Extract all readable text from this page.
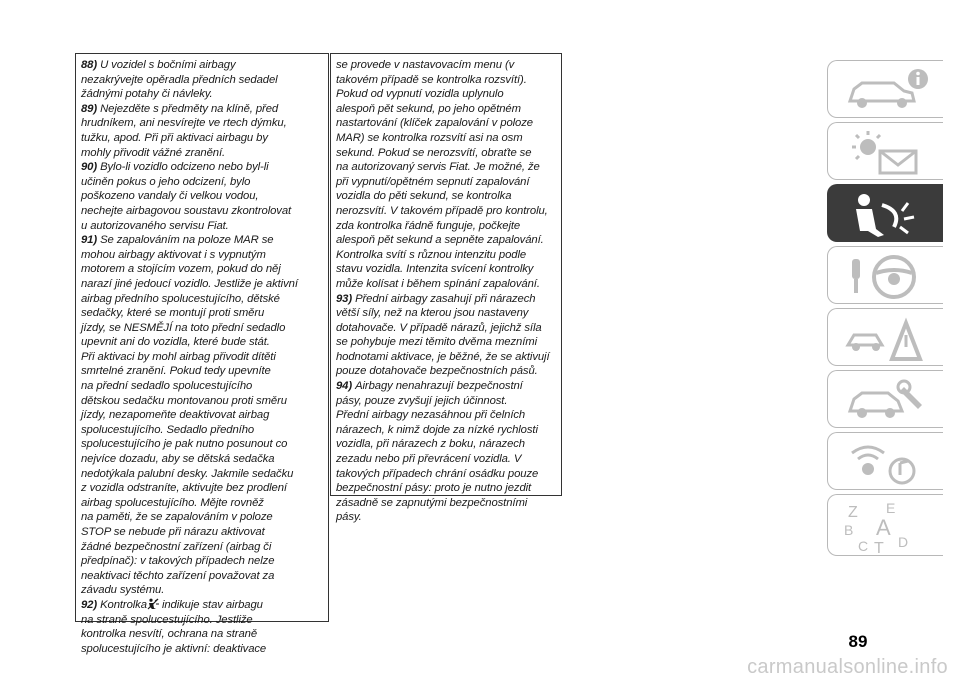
88) U vozidel s bočními airbagy
nezakrývejte opěradla předních sedadel
žádnými potahy či návleky.
89) Nejezděte s předměty na klíně, před
hrudníkem, ani nesvírejte ve rtech dýmku,
tužku, apod. Při při aktivaci airbagu by
mohly přivodit vážné zranění.
90) Bylo-li vozidlo odcizeno nebo byl-li
učiněn pokus o jeho odcizení, bylo
poškozeno vandaly či velkou vodou,
nechejte airbagovou soustavu zkontrolovat
u autorizovaného servisu Fiat.
91) Se zapalováním na poloze MAR se
mohou airbagy aktivovat i s vypnutým
motorem a stojícím vozem, pokud do něj
narazí jiné jedoucí vozidlo. Jestliže je aktivní
airbag předního spolucestujícího, dětské
sedačky, které se montují proti směru
jízdy, se NESMĚJÍ na toto přední sedadlo
upevnit ani do vozidla, které bude stát.
Při aktivaci by mohl airbag přivodit dítěti
smrtelné zranění. Pokud tedy upevníte
na přední sedadlo spolucestujícího
dětskou sedačku montovanou proti směru
jízdy, nezapomeňte deaktivovat airbag
spolucestujícího. Sedadlo předního
spolucestujícího je pak nutno posunout co
nejvíce dozadu, aby se dětská sedačka
nedotýkala palubní desky. Jakmile sedačku
z vozidla odstraníte, aktivujte bez prodlení
airbag spolucestujícího. Mějte rovněž
na paměti, že se zapalováním v poloze
STOP se nebude při nárazu aktivovat
žádné bezpečnostní zařízení (airbag či
předpínač): v takových případech nelze
neaktivaci těchto zařízení považovat za
závadu systému.
92) Kontrolka indikuje stav airbagu
na straně spolucestujícího. Jestliže
kontrolka nesvítí, ochrana na straně
spolucestujícího je aktivní: deaktivace
se provede v nastavovacím menu (v
takovém případě se kontrolka rozsvítí).
Pokud od vypnutí vozidla uplynulo
alespoň pět sekund, po jeho opětném
nastartování (klíček zapalování v poloze
MAR) se kontrolka rozsvítí asi na osm
sekund. Pokud se nerozsvítí, obraťte se
na autorizovaný servis Fiat. Je možné, že
při vypnutí/opětném sepnutí zapalování
vozidla do pěti sekund, se kontrolka
nerozsvítí. V takovém případě pro kontrolu,
zda kontrolka řádně funguje, počkejte
alespoň pět sekund a sepněte zapalování.
Kontrolka svítí s různou intenzitu podle
stavu vozidla. Intenzita svícení kontrolky
může kolísat i během spínání zapalování.
93) Přední airbagy zasahují při nárazech
větší síly, než na kterou jsou nastaveny
dotahovače. V případě nárazů, jejichž síla
se pohybuje mezi těmito dvěma mezními
hodnotami aktivace, je běžné, že se aktivují
pouze dotahovače bezpečnostních pásů.
94) Airbagy nenahrazují bezpečnostní
pásy, pouze zvyšují jejich účinnost.
Přední airbagy nezasáhnou při čelních
nárazech, k nimž dojde za nízké rychlosti
vozidla, při nárazech z boku, nárazech
zezadu nebo při převrácení vozidla. V
takových případech chrání osádku pouze
bezpečnostní pásy: proto je nutno jezdit
zásadně se zapnutými bezpečnostními
pásy.	Z E
B A
C T D
89
carmanualsonline.info
